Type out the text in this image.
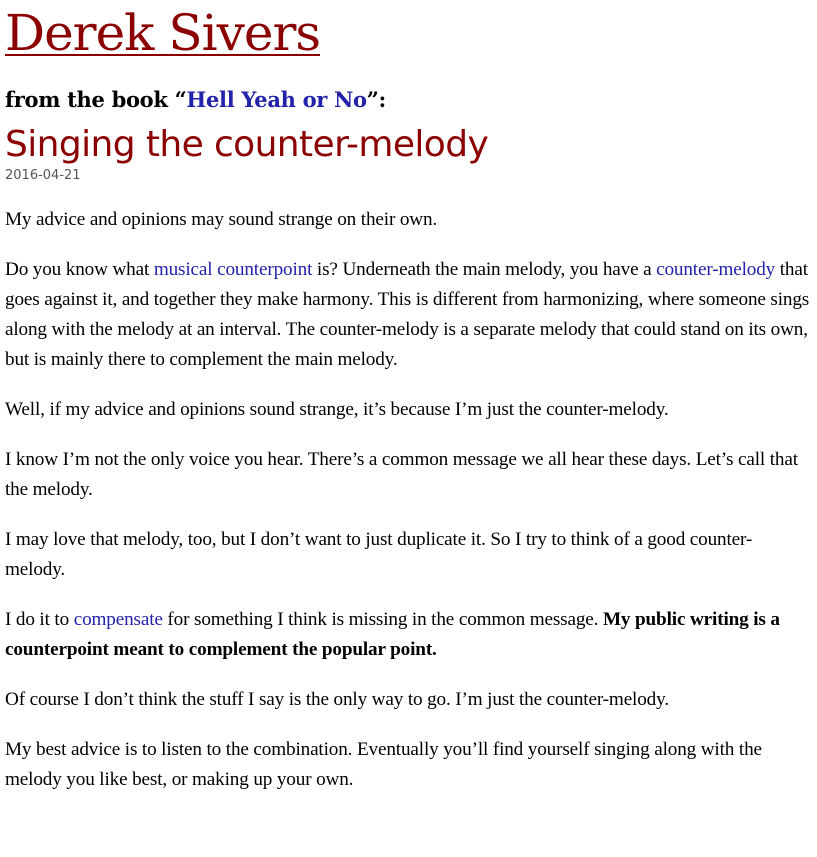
Derek Sivers
from the book “Hell Yeah or No”:
Singing the counter-melody

2016-04-21

My advice and opinions may sound strange on their own.

Do you know what musical counterpoint is? Underneath the main melody, you have a counter-melody that goes against it, and together they make harmony. This is different from harmonizing, where someone sings along with the melody at an interval. The counter-melody is a separate melody that could stand on its own, but is mainly there to complement the main melody.

Well, if my advice and opinions sound strange, it’s because I’m just the counter-melody.

I know I’m not the only voice you hear. There’s a common message we all hear these days. Let’s call that the melody.

I may love that melody, too, but I don’t want to just duplicate it. So I try to think of a good counter-melody.

I do it to compensate for something I think is missing in the common message. My public writing is a counterpoint meant to complement the popular point.

Of course I don’t think the stuff I say is the only way to go. I’m just the counter-melody.

My best advice is to listen to the combination. Eventually you’ll find yourself singing along with the melody you like best, or making up your own.
